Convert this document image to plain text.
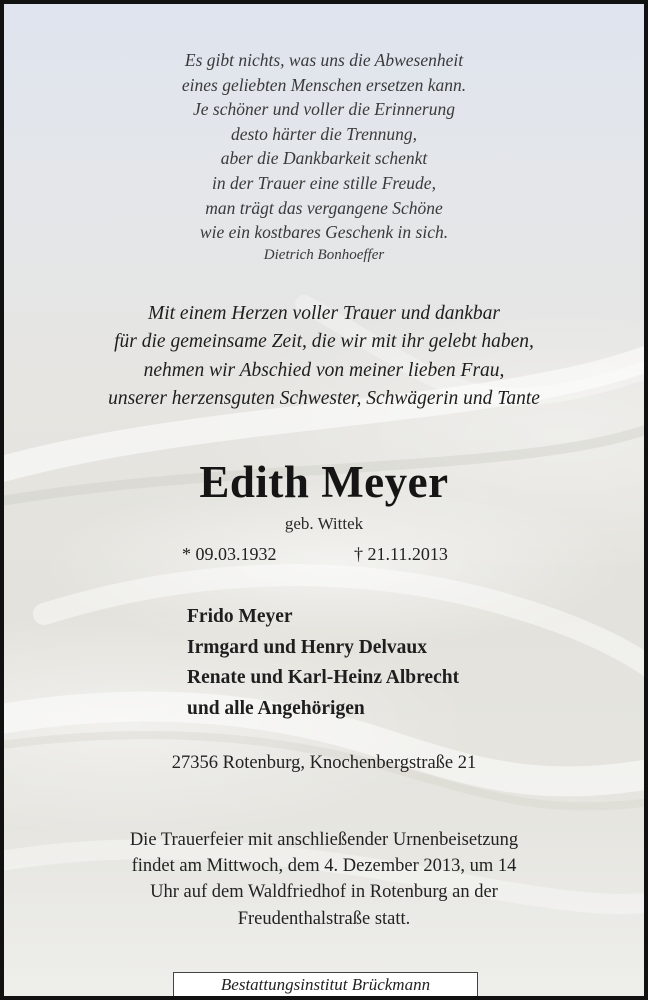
Es gibt nichts, was uns die Abwesenheit
eines geliebten Menschen ersetzen kann.
Je schöner und voller die Erinnerung
desto härter die Trennung,
aber die Dankbarkeit schenkt
in der Trauer eine stille Freude,
man trägt das vergangene Schöne
wie ein kostbares Geschenk in sich.
Dietrich Bonhoeffer
Mit einem Herzen voller Trauer und dankbar
für die gemeinsame Zeit, die wir mit ihr gelebt haben,
nehmen wir Abschied von meiner lieben Frau,
unserer herzensguten Schwester, Schwägerin und Tante
Edith Meyer
geb. Wittek
* 09.03.1932	† 21.11.2013
Frido Meyer
Irmgard und Henry Delvaux
Renate und Karl-Heinz Albrecht
und alle Angehörigen
27356 Rotenburg, Knochenbergstraße 21
Die Trauerfeier mit anschließender Urnenbeisetzung
findet am Mittwoch, dem 4. Dezember 2013, um 14
Uhr auf dem Waldfriedhof in Rotenburg an der
Freudenthalstraße statt.
Bestattungsinstitut Brückmann
